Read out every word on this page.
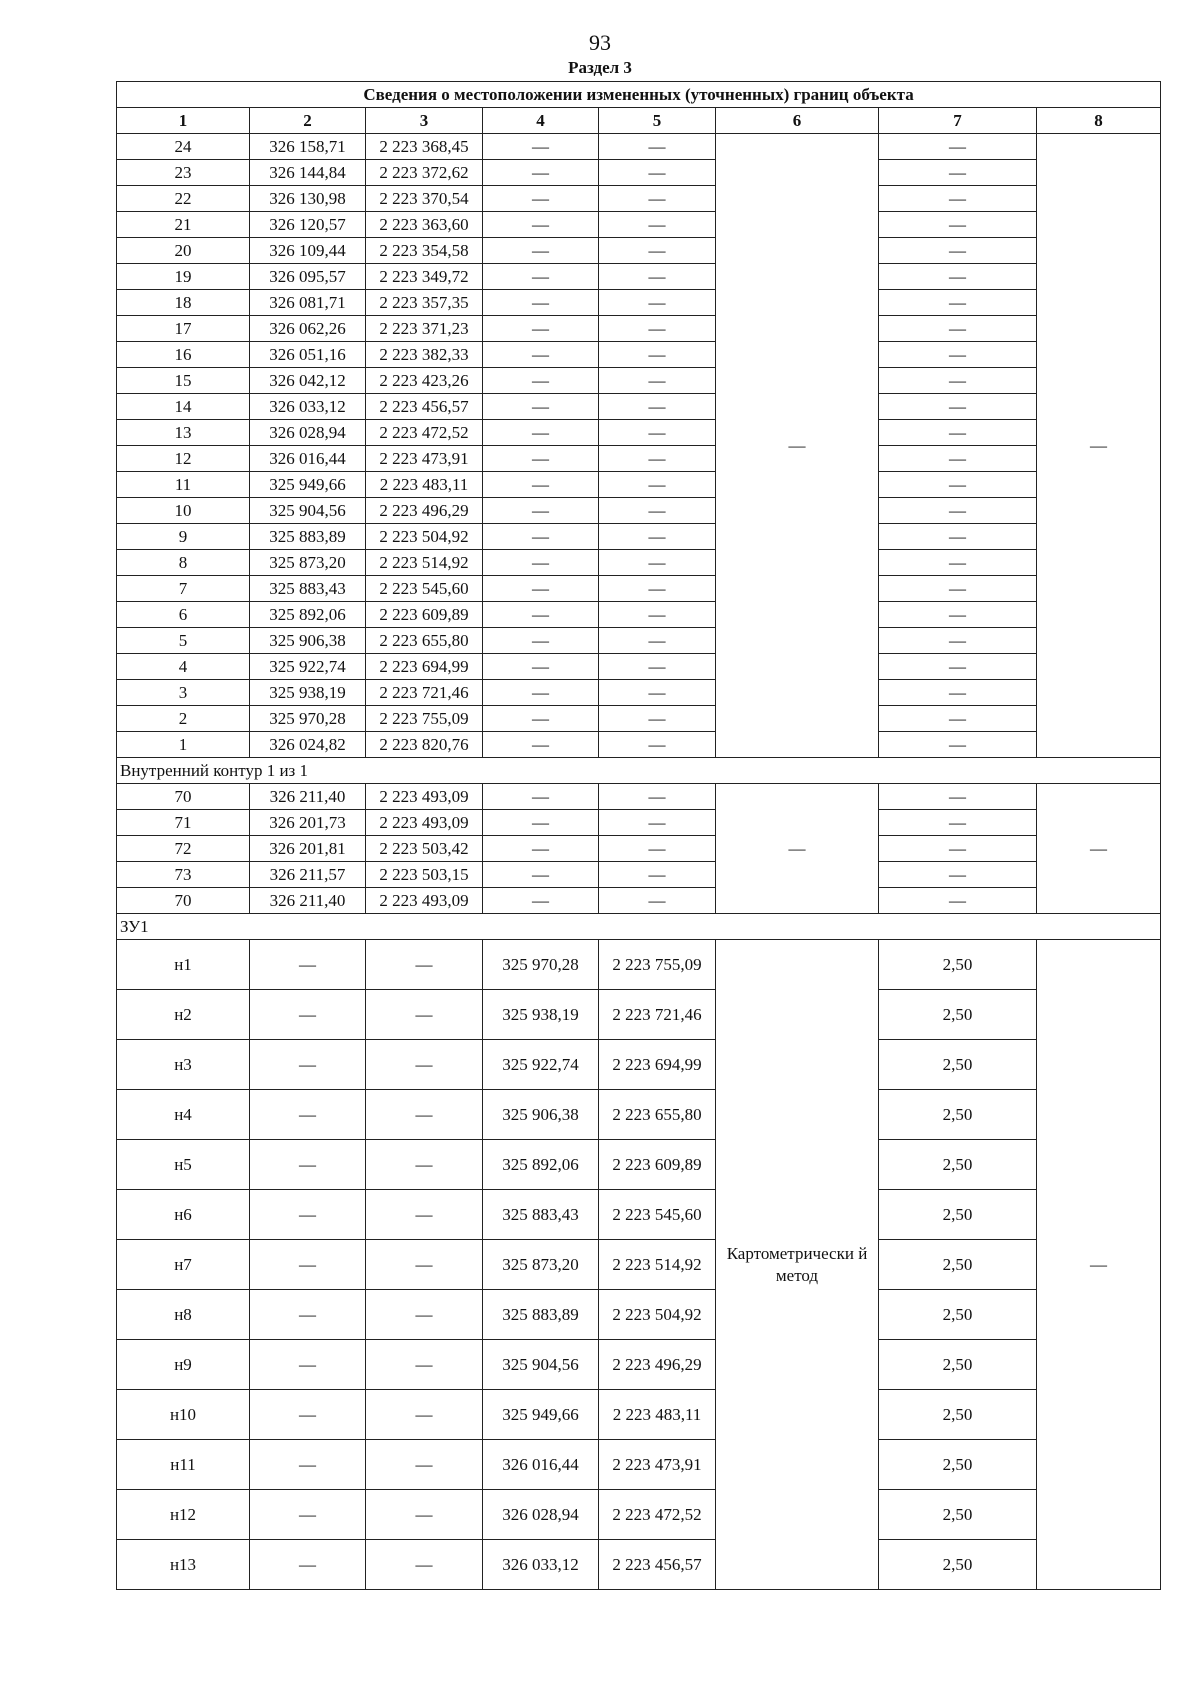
93
Раздел 3
Сведения о местоположении измененных (уточненных) границ объекта							
1	2	3	4	5	6	7	8
24	326 158,71	2 223 368,45	—	—	—	—	—
23	326 144,84	2 223 372,62	—	—		—	
22	326 130,98	2 223 370,54	—	—		—	
21	326 120,57	2 223 363,60	—	—		—	
20	326 109,44	2 223 354,58	—	—		—	
19	326 095,57	2 223 349,72	—	—		—	
18	326 081,71	2 223 357,35	—	—		—	
17	326 062,26	2 223 371,23	—	—		—	
16	326 051,16	2 223 382,33	—	—		—	
15	326 042,12	2 223 423,26	—	—		—	
14	326 033,12	2 223 456,57	—	—		—	
13	326 028,94	2 223 472,52	—	—		—	
12	326 016,44	2 223 473,91	—	—		—	
11	325 949,66	2 223 483,11	—	—		—	
10	325 904,56	2 223 496,29	—	—		—	
9	325 883,89	2 223 504,92	—	—		—	
8	325 873,20	2 223 514,92	—	—		—	
7	325 883,43	2 223 545,60	—	—		—	
6	325 892,06	2 223 609,89	—	—		—	
5	325 906,38	2 223 655,80	—	—		—	
4	325 922,74	2 223 694,99	—	—		—	
3	325 938,19	2 223 721,46	—	—		—	
2	325 970,28	2 223 755,09	—	—		—	
1	326 024,82	2 223 820,76	—	—		—	
Внутренний контур 1 из 1							
70	326 211,40	2 223 493,09	—	—	—	—	—
71	326 201,73	2 223 493,09	—	—		—	
72	326 201,81	2 223 503,42	—	—		—	
73	326 211,57	2 223 503,15	—	—		—	
70	326 211,40	2 223 493,09	—	—		—	
ЗУ1							
н1	—	—	325 970,28	2 223 755,09	Картометрически й метод	2,50	—
н2	—	—	325 938,19	2 223 721,46		2,50	
н3	—	—	325 922,74	2 223 694,99		2,50	
н4	—	—	325 906,38	2 223 655,80		2,50	
н5	—	—	325 892,06	2 223 609,89		2,50	
н6	—	—	325 883,43	2 223 545,60		2,50	
н7	—	—	325 873,20	2 223 514,92		2,50	
н8	—	—	325 883,89	2 223 504,92		2,50	
н9	—	—	325 904,56	2 223 496,29		2,50	
н10	—	—	325 949,66	2 223 483,11		2,50	
н11	—	—	326 016,44	2 223 473,91		2,50	
н12	—	—	326 028,94	2 223 472,52		2,50	
н13	—	—	326 033,12	2 223 456,57		2,50	
